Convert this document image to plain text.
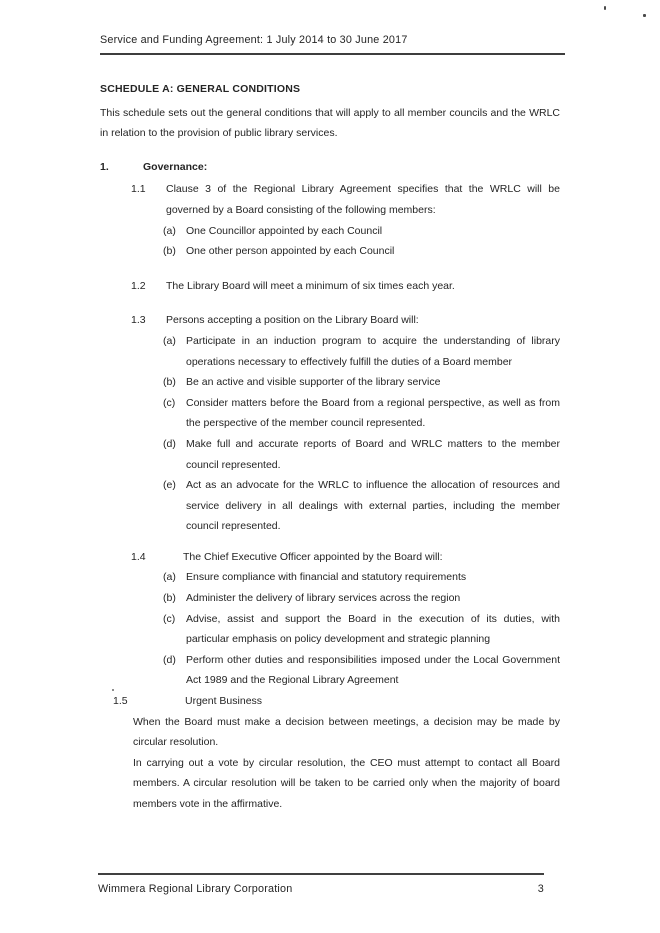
Service and Funding Agreement: 1 July 2014 to 30 June 2017
SCHEDULE A: GENERAL CONDITIONS
This schedule sets out the general conditions that will apply to all member councils and the WRLC in relation to the provision of public library services.
1.	Governance:
1.1	Clause 3 of the Regional Library Agreement specifies that the WRLC will be governed by a Board consisting of the following members:
(a) One Councillor appointed by each Council
(b) One other person appointed by each Council
1.2	The Library Board will meet a minimum of six times each year.
1.3	Persons accepting a position on the Library Board will:
(a) Participate in an induction program to acquire the understanding of library operations necessary to effectively fulfill the duties of a Board member
(b) Be an active and visible supporter of the library service
(c)	Consider matters before the Board from a regional perspective, as well as from the perspective of the member council represented.
(d) Make full and accurate reports of Board and WRLC matters to the member council represented.
(e) Act as an advocate for the WRLC to influence the allocation of resources and service delivery in all dealings with external parties, including the member council represented.
1.4	The Chief Executive Officer appointed by the Board will:
(a) Ensure compliance with financial and statutory requirements
(b) Administer the delivery of library services across the region
(c)	Advise, assist and support the Board in the execution of its duties, with particular emphasis on policy development and strategic planning
(d) Perform other duties and responsibilities imposed under the Local Government Act 1989 and the Regional Library Agreement
1.5	Urgent Business
When the Board must make a decision between meetings, a decision may be made by circular resolution.
In carrying out a vote by circular resolution, the CEO must attempt to contact all Board members. A circular resolution will be taken to be carried only when the majority of board members vote in the affirmative.
Wimmera Regional Library Corporation	3
